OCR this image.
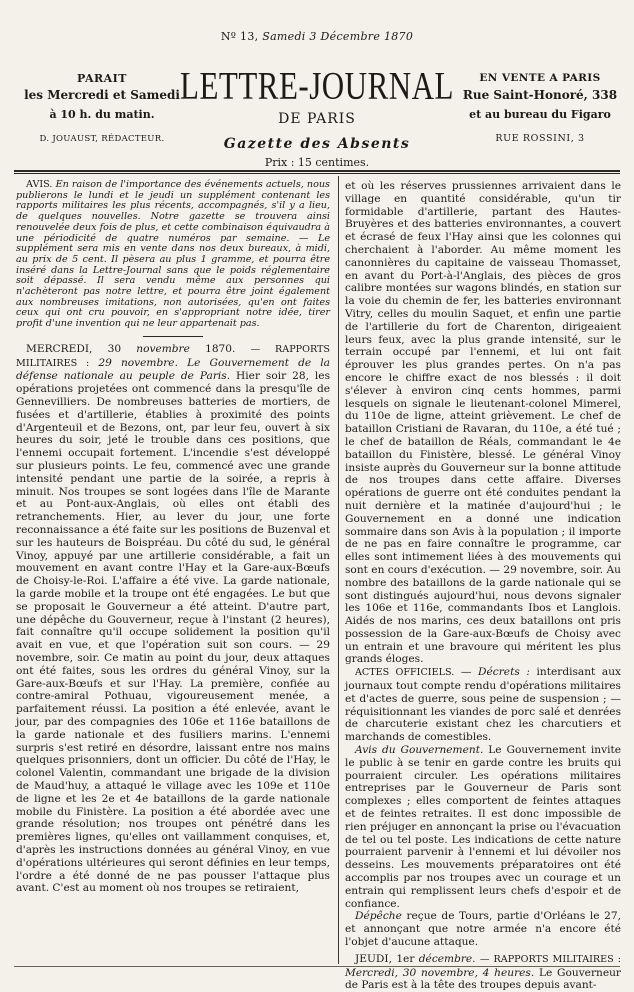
Nº 13, Samedi 3 Décembre 1870
PARAIT
les Mercredi et Samedi
à 10 h. du matin.
D. JOUAUST, RÉDACTEUR.
LETTRE-JOURNAL
DE PARIS
Gazette des Absents
Prix : 15 centimes.
EN VENTE A PARIS
Rue Saint-Honoré, 338
et au bureau du Figaro
RUE ROSSINI, 3

AVIS. En raison de l'importance des événements actuels, nous publierons le lundi et le jeudi un supplément contenant les rapports militaires les plus récents, accompagnés, s'il y a lieu, de quelques nouvelles. Notre gazette se trouvera ainsi renouvelée deux fois de plus, et cette combinaison équivaudra à une périodicité de quatre numéros par semaine. — Le supplément sera mis en vente dans nos deux bureaux, à midi, au prix de 5 cent. Il pèsera au plus 1 gramme, et pourra être inséré dans la Lettre-Journal sans que le poids réglementaire soit dépassé. Il sera vendu même aux personnes qui n'achèteront pas notre lettre, et pourra être joint également aux nombreuses imitations, non autorisées, qu'en ont faites ceux qui ont cru pouvoir, en s'appropriant notre idée, tirer profit d'une invention qui ne leur appartenait pas.

MERCREDI, 30 novembre 1870. — RAPPORTS MILITAIRES : 29 novembre. Le Gouvernement de la défense nationale au peuple de Paris. Hier soir 28, les opérations projetées ont commencé dans la presqu'île de Gennevilliers. De nombreuses batteries de mortiers, de fusées et d'artillerie, établies à proximité des points d'Argenteuil et de Bezons, ont, par leur feu, ouvert à six heures du soir, jeté le trouble dans ces positions, que l'ennemi occupait fortement. L'incendie s'est développé sur plusieurs points. Le feu, commencé avec une grande intensité pendant une partie de la soirée, a repris à minuit. Nos troupes se sont logées dans l'île de Marante et au Pont-aux-Anglais, où elles ont établi des retranchements. Hier, au lever du jour, une forte reconnaissance a été faite sur les positions de Buzenval et sur les hauteurs de Boispréau. Du côté du sud, le général Vinoy, appuyé par une artillerie considérable, a fait un mouvement en avant contre l'Hay et la Gare-aux-Bœufs de Choisy-le-Roi. L'affaire a été vive. La garde nationale, la garde mobile et la troupe ont été engagées. Le but que se proposait le Gouverneur a été atteint. D'autre part, une dépêche du Gouverneur, reçue à l'instant (2 heures), fait connaître qu'il occupe solidement la position qu'il avait en vue, et que l'opération suit son cours. — 29 novembre, soir. Ce matin au point du jour, deux attaques ont été faites, sous les ordres du général Vinoy, sur la Gare-aux-Bœufs et sur l'Hay. La première, confiée au contre-amiral Pothuau, vigoureusement menée, a parfaitement réussi. La position a été enlevée, avant le jour, par des compagnies des 106e et 116e bataillons de la garde nationale et des fusiliers marins. L'ennemi surpris s'est retiré en désordre, laissant entre nos mains quelques prisonniers, dont un officier. Du côté de l'Hay, le colonel Valentin, commandant une brigade de la division de Maud'huy, a attaqué le village avec les 109e et 110e de ligne et les 2e et 4e bataillons de la garde nationale mobile du Finistère. La position a été abordée avec une grande résolution; nos troupes ont pénétré dans les premières lignes, qu'elles ont vaillamment conquises, et, d'après les instructions données au général Vinoy, en vue d'opérations ultérieures qui seront définies en leur temps, l'ordre a été donné de ne pas pousser l'attaque plus avant. C'est au moment où nos troupes se retiraient,

et où les réserves prussiennes arrivaient dans le village en quantité considérable, qu'un tir formidable d'artillerie, partant des Hautes-Bruyères et des batteries environnantes, a couvert et écrasé de feux l'Hay ainsi que les colonnes qui cherchaient à l'aborder. Au même moment les canonnières du capitaine de vaisseau Thomasset, en avant du Port-à-l'Anglais, des pièces de gros calibre montées sur wagons blindés, en station sur la voie du chemin de fer, les batteries environnant Vitry, celles du moulin Saquet, et enfin une partie de l'artillerie du fort de Charenton, dirigeaient leurs feux, avec la plus grande intensité, sur le terrain occupé par l'ennemi, et lui ont fait éprouver les plus grandes pertes. On n'a pas encore le chiffre exact de nos blessés : il doit s'élever à environ cinq cents hommes, parmi lesquels on signale le lieutenant-colonel Mimerel, du 110e de ligne, atteint grièvement. Le chef de bataillon Cristiani de Ravaran, du 110e, a été tué ; le chef de bataillon de Réals, commandant le 4e bataillon du Finistère, blessé. Le général Vinoy insiste auprès du Gouverneur sur la bonne attitude de nos troupes dans cette affaire. Diverses opérations de guerre ont été conduites pendant la nuit dernière et la matinée d'aujourd'hui ; le Gouvernement en a donné une indication sommaire dans son Avis à la population ; il importe de ne pas en faire connaître le programme, car elles sont intimement liées à des mouvements qui sont en cours d'exécution. — 29 novembre, soir. Au nombre des bataillons de la garde nationale qui se sont distingués aujourd'hui, nous devons signaler les 106e et 116e, commandants Ibos et Langlois. Aidés de nos marins, ces deux bataillons ont pris possession de la Gare-aux-Bœufs de Choisy avec un entrain et une bravoure qui méritent les plus grands éloges.

ACTES OFFICIELS. — Décrets : interdisant aux journaux tout compte rendu d'opérations militaires et d'actes de guerre, sous peine de suspension ; — réquisitionnant les viandes de porc salé et denrées de charcuterie existant chez les charcutiers et marchands de comestibles.

Avis du Gouvernement. Le Gouvernement invite le public à se tenir en garde contre les bruits qui pourraient circuler. Les opérations militaires entreprises par le Gouverneur de Paris sont complexes ; elles comportent de feintes attaques et de feintes retraites. Il est donc impossible de rien préjuger en annonçant la prise ou l'évacuation de tel ou tel poste. Les indications de cette nature pourraient parvenir à l'ennemi et lui dévoiler nos desseins. Les mouvements préparatoires ont été accomplis par nos troupes avec un courage et un entrain qui remplissent leurs chefs d'espoir et de confiance.

Dépêche reçue de Tours, partie d'Orléans le 27, et annonçant que notre armée n'a encore été l'objet d'aucune attaque.

JEUDI, 1er décembre. — RAPPORTS MILITAIRES : Mercredi, 30 novembre, 4 heures. Le Gouverneur de Paris est à la tête des troupes depuis avant-
